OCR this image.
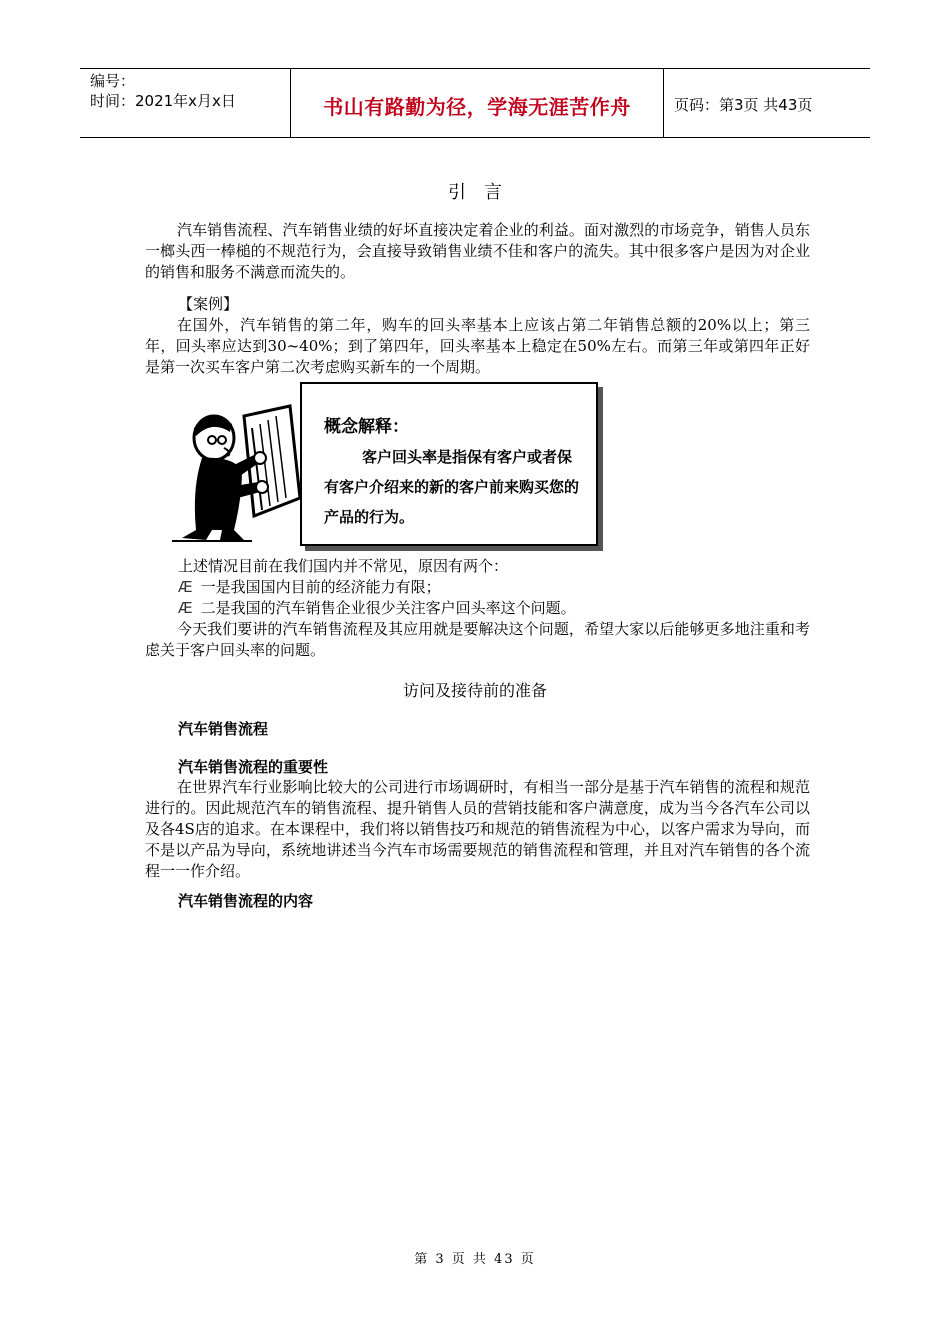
编号：
时间：2021年x月x日	书山有路勤为径，学海无涯苦作舟	页码：第3页 共43页
引言
汽车销售流程、汽车销售业绩的好坏直接决定着企业的利益。面对激烈的市场竞争，销售人员东一榔头西一棒槌的不规范行为，会直接导致销售业绩不佳和客户的流失。其中很多客户是因为对企业的销售和服务不满意而流失的。
【案例】
在国外，汽车销售的第二年，购车的回头率基本上应该占第二年销售总额的20%以上；第三年，回头率应达到30~40%；到了第四年，回头率基本上稳定在50%左右。而第三年或第四年正好是第一次买车客户第二次考虑购买新车的一个周期。
概念解释：
客户回头率是指保有客户或者保有客户介绍来的新的客户前来购买您的产品的行为。
上述情况目前在我们国内并不常见，原因有两个：
Æ 一是我国国内目前的经济能力有限；
Æ 二是我国的汽车销售企业很少关注客户回头率这个问题。
今天我们要讲的汽车销售流程及其应用就是要解决这个问题，希望大家以后能够更多地注重和考虑关于客户回头率的问题。
访问及接待前的准备
汽车销售流程
汽车销售流程的重要性
在世界汽车行业影响比较大的公司进行市场调研时，有相当一部分是基于汽车销售的流程和规范进行的。因此规范汽车的销售流程、提升销售人员的营销技能和客户满意度，成为当今各汽车公司以及各4S店的追求。在本课程中，我们将以销售技巧和规范的销售流程为中心，以客户需求为导向，而不是以产品为导向，系统地讲述当今汽车市场需要规范的销售流程和管理，并且对汽车销售的各个流程一一作介绍。
汽车销售流程的内容
第 3 页 共 43 页
